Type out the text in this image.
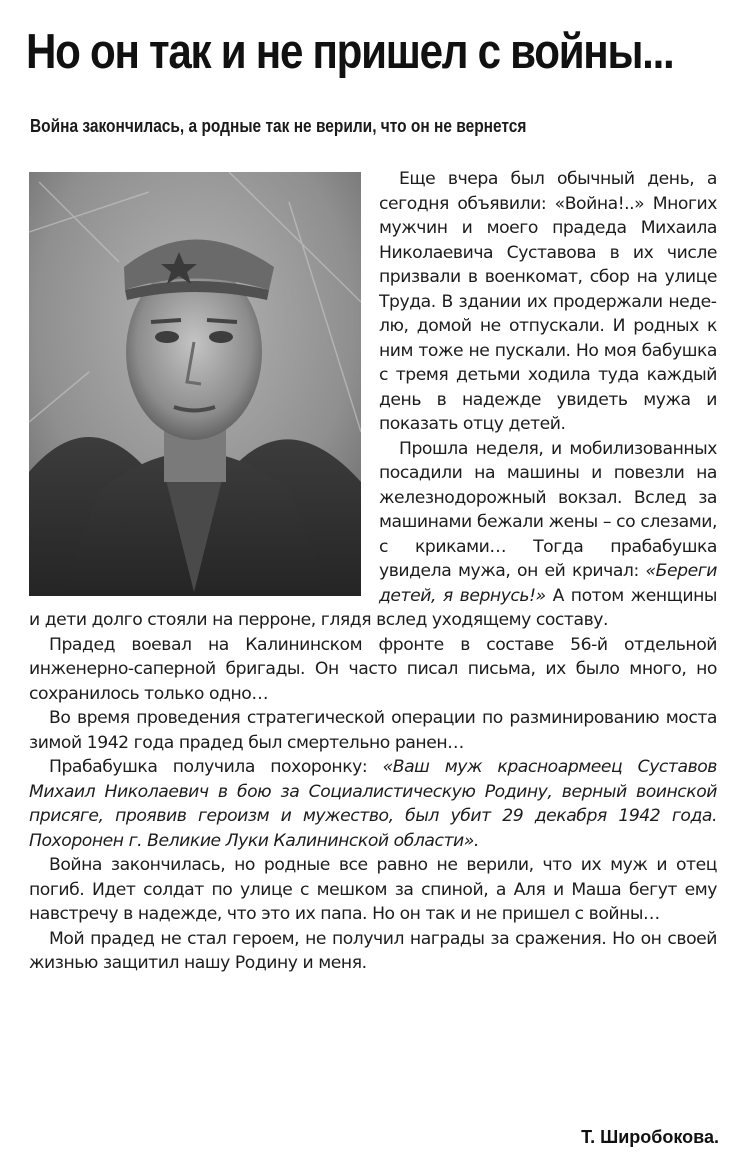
Но он так и не пришел с войны...
Война закончилась, а родные так не верили, что он не вернется

Еще вчера был обычный день, а сегодня объявили: «Война!..» Многих мужчин и моего прадеда Михаила Николаевича Суставова в их числе призвали в военкомат, сбор на улице Труда. В здании их продержали неделю, домой не отпускали. И родных к ним тоже не пускали. Но моя бабушка с тремя детьми ходила туда каждый день в надежде увидеть мужа и показать отцу детей.

Прошла неделя, и мобилизованных посадили на машины и повезли на железнодорожный вокзал. Вслед за машинами бежали жены – со слезами, с криками… Тогда прабабушка увидела мужа, он ей кричал: «Береги детей, я вернусь!» А потом женщины и дети долго стояли на перроне, глядя вслед уходящему составу.

Прадед воевал на Калининском фронте в составе 56-й отдельной инженерно-саперной бригады. Он часто писал письма, их было много, но сохранилось только одно…

Во время проведения стратегической операции по разминированию моста зимой 1942 года прадед был смертельно ранен…

Прабабушка получила похоронку: «Ваш муж красноармеец Суставов Михаил Николаевич в бою за Социалистическую Родину, верный воинской присяге, проявив героизм и мужество, был убит 29 декабря 1942 года. Похоронен г. Великие Луки Калининской области».

Война закончилась, но родные все равно не верили, что их муж и отец погиб. Идет солдат по улице с мешком за спиной, а Аля и Маша бегут ему навстречу в надежде, что это их папа. Но он так и не пришел с войны…

Мой прадед не стал героем, не получил награды за сражения. Но он своей жизнью защитил нашу Родину и меня.

Т. Широбокова.
